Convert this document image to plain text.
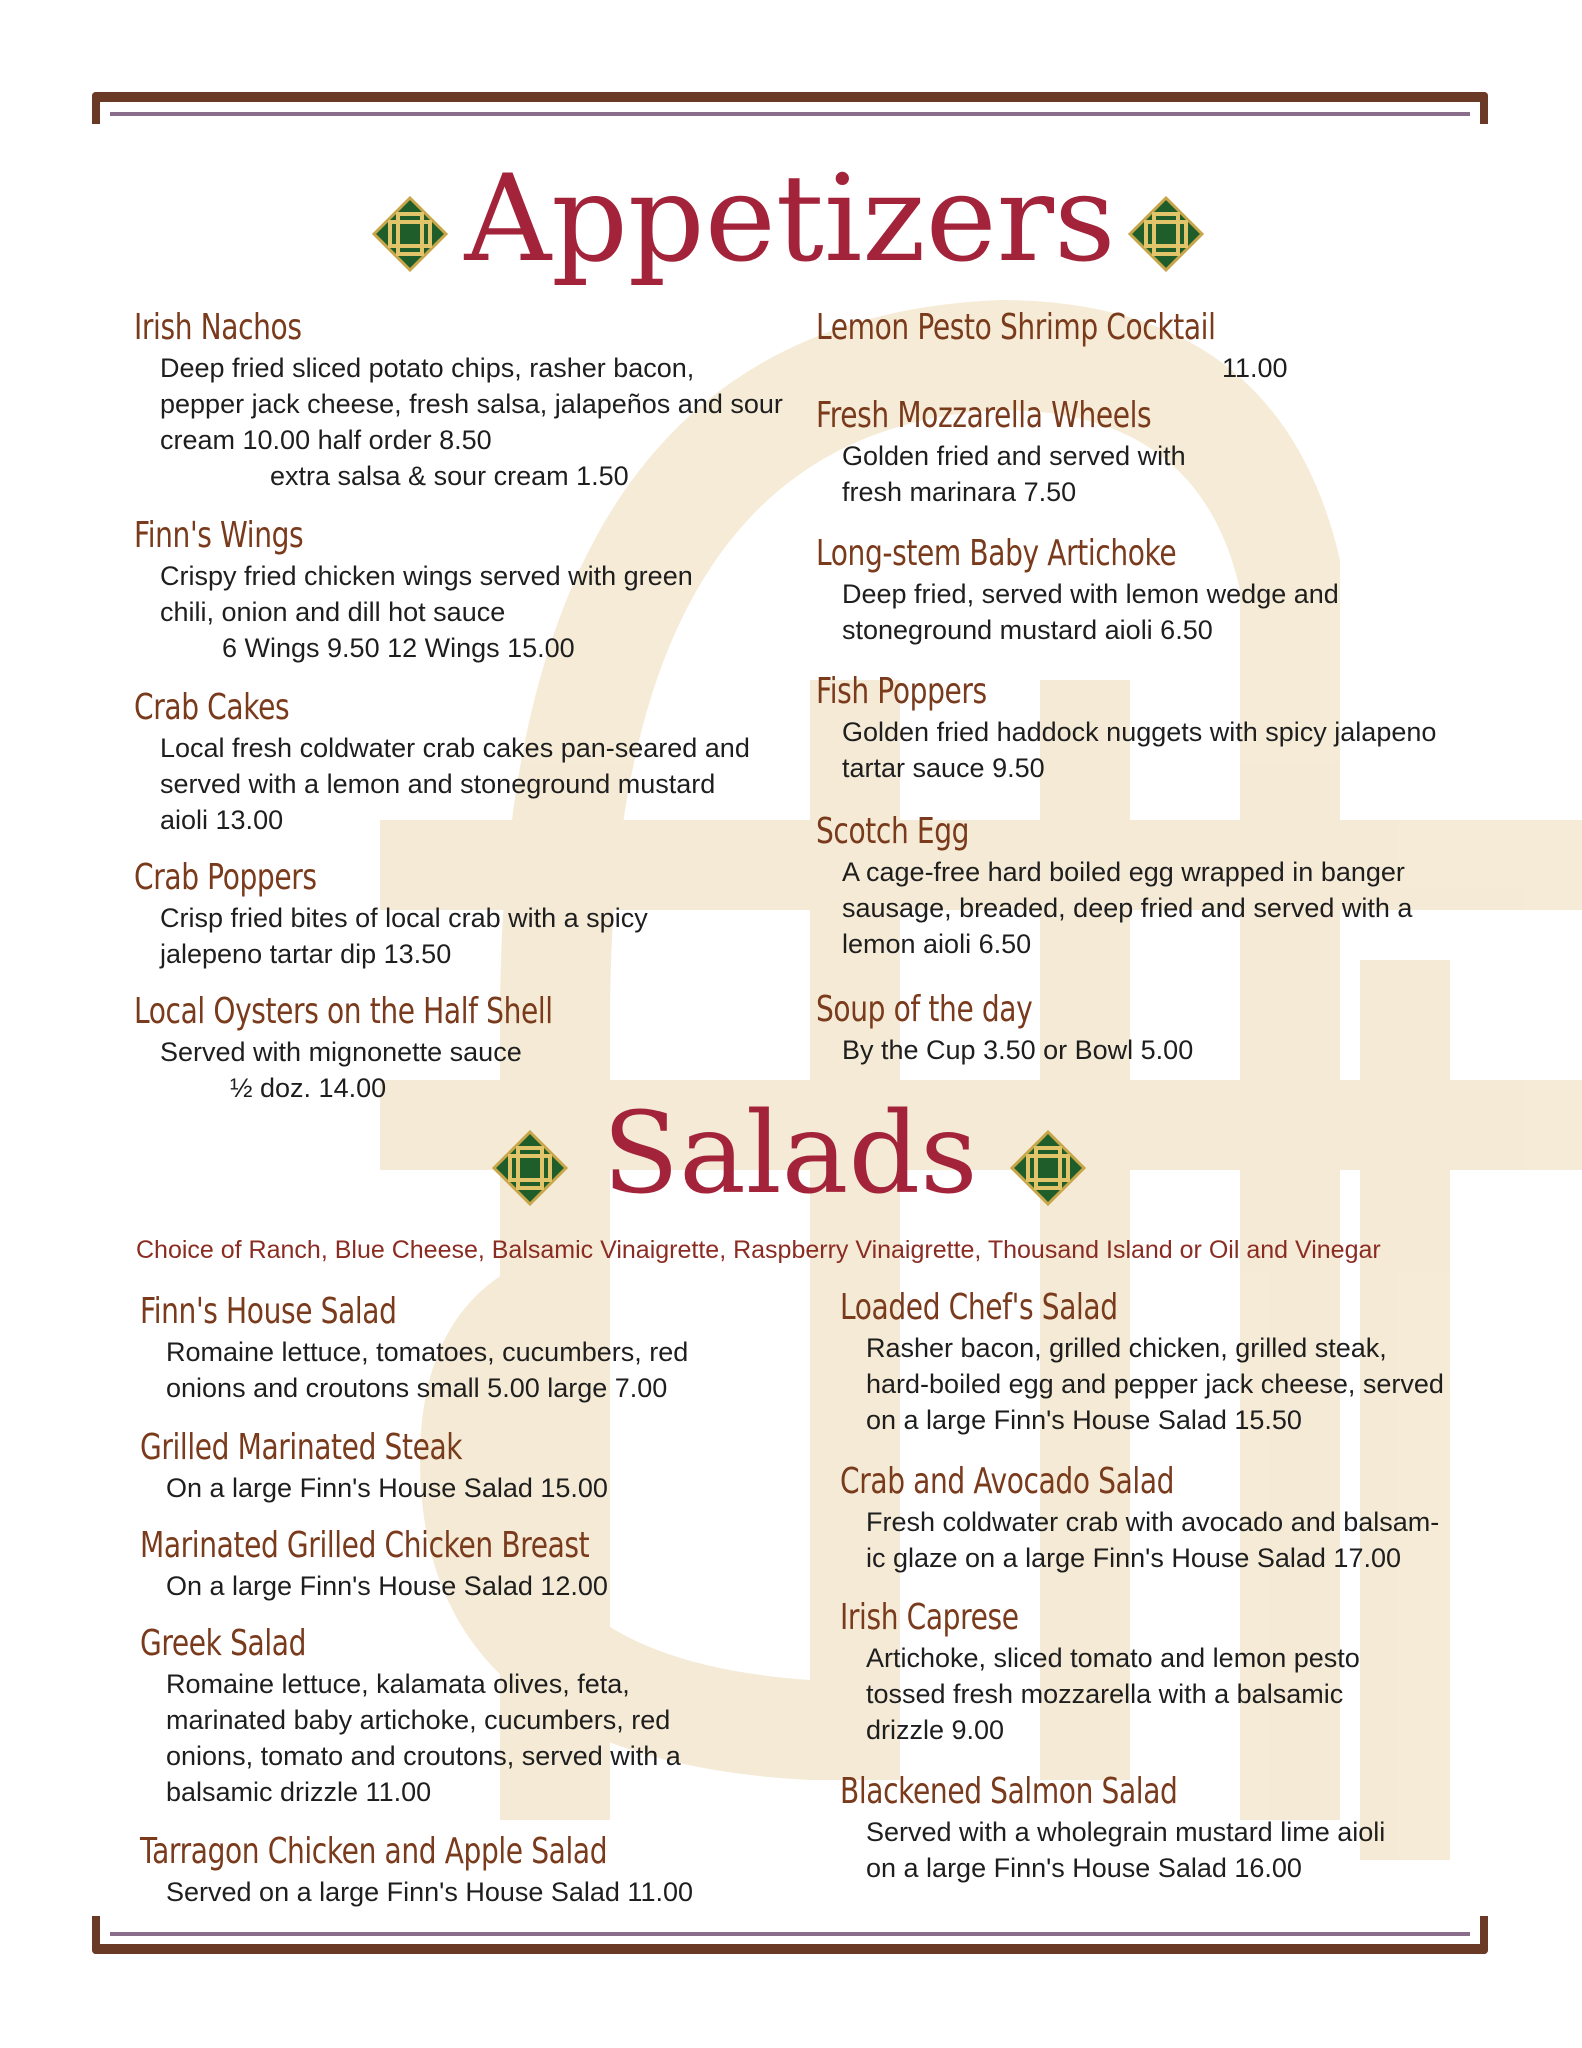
Appetizers
Irish Nachos
Deep fried sliced potato chips, rasher bacon,
pepper jack cheese, fresh salsa, jalapeños and sour
cream 10.00 half order 8.50
extra salsa & sour cream 1.50
Finn's Wings
Crispy fried chicken wings served with green
chili, onion and dill hot sauce
6 Wings 9.50 12 Wings 15.00
Crab Cakes
Local fresh coldwater crab cakes pan-seared and
served with a lemon and stoneground mustard
aioli 13.00
Crab Poppers
Crisp fried bites of local crab with a spicy
jalepeno tartar dip 13.50
Local Oysters on the Half Shell
Served with mignonette sauce
½ doz. 14.00
Lemon Pesto Shrimp Cocktail
11.00
Fresh Mozzarella Wheels
Golden fried and served with
fresh marinara 7.50
Long-stem Baby Artichoke
Deep fried, served with lemon wedge and
stoneground mustard aioli 6.50
Fish Poppers
Golden fried haddock nuggets with spicy jalapeno
tartar sauce 9.50
Scotch Egg
A cage-free hard boiled egg wrapped in banger
sausage, breaded, deep fried and served with a
lemon aioli 6.50
Soup of the day
By the Cup 3.50 or Bowl 5.00
Salads
Choice of Ranch, Blue Cheese, Balsamic Vinaigrette, Raspberry Vinaigrette, Thousand Island or Oil and Vinegar
Finn's House Salad
Romaine lettuce, tomatoes, cucumbers, red
onions and croutons small 5.00 large 7.00
Grilled Marinated Steak
On a large Finn's House Salad 15.00
Marinated Grilled Chicken Breast
On a large Finn's House Salad 12.00
Greek Salad
Romaine lettuce, kalamata olives, feta,
marinated baby artichoke, cucumbers, red
onions, tomato and croutons, served with a
balsamic drizzle 11.00
Tarragon Chicken and Apple Salad
Served on a large Finn's House Salad 11.00
Loaded Chef's Salad
Rasher bacon, grilled chicken, grilled steak,
hard-boiled egg and pepper jack cheese, served
on a large Finn's House Salad 15.50
Crab and Avocado Salad
Fresh coldwater crab with avocado and balsam-
ic glaze on a large Finn's House Salad 17.00
Irish Caprese
Artichoke, sliced tomato and lemon pesto
tossed fresh mozzarella with a balsamic
drizzle 9.00
Blackened Salmon Salad
Served with a wholegrain mustard lime aioli
on a large Finn's House Salad 16.00
